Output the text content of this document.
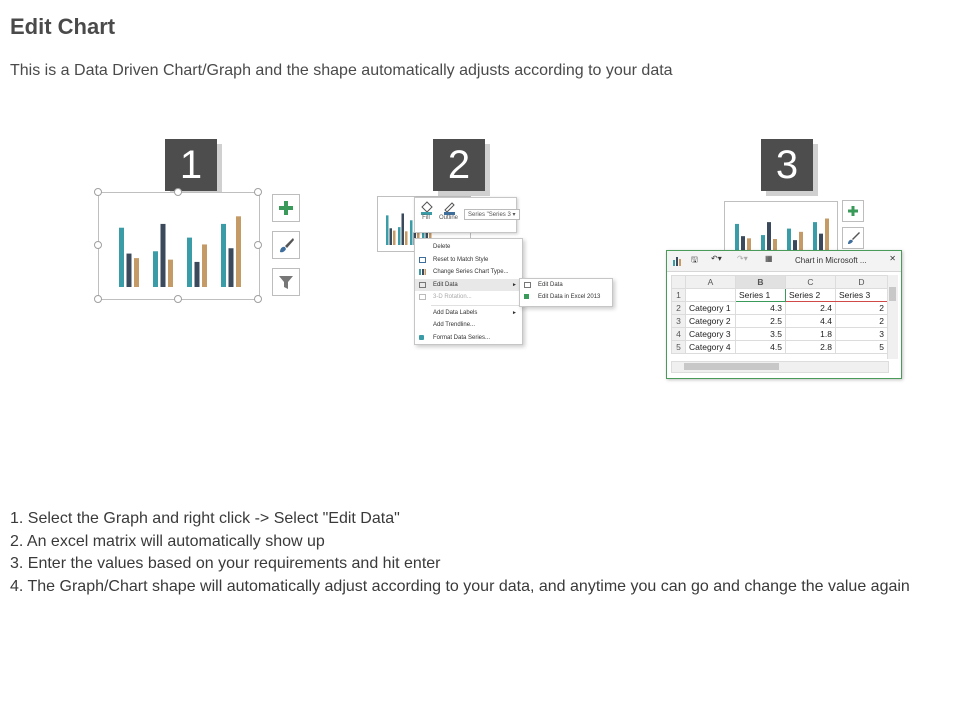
Edit Chart
This is a Data Driven Chart/Graph and the shape automatically adjusts according to your data
1	2
Fill Outline	Series "Series 3 ▾
Delete
Reset to Match Style
Change Series Chart Type...
Edit Data	►
3-D Rotation...
Add Data Labels	►
Add Trendline...
Format Data Series...
Edit Data
Edit Data in Excel 2013
3
🖫 ↶▾ ↷▾ ▦	Chart in Microsoft ...	✕
	A	B	C	D
1		Series 1	Series 2	Series 3
2	Category 1	4.3	2.4	2
3	Category 2	2.5	4.4	2
4	Category 3	3.5	1.8	3
5	Category 4	4.5	2.8	5
1. Select the Graph and right click -> Select "Edit Data"
2. An excel matrix will automatically show up
3. Enter the values based on your requirements and hit enter
4. The Graph/Chart shape will automatically adjust according to your data, and anytime you can go and change the value again
